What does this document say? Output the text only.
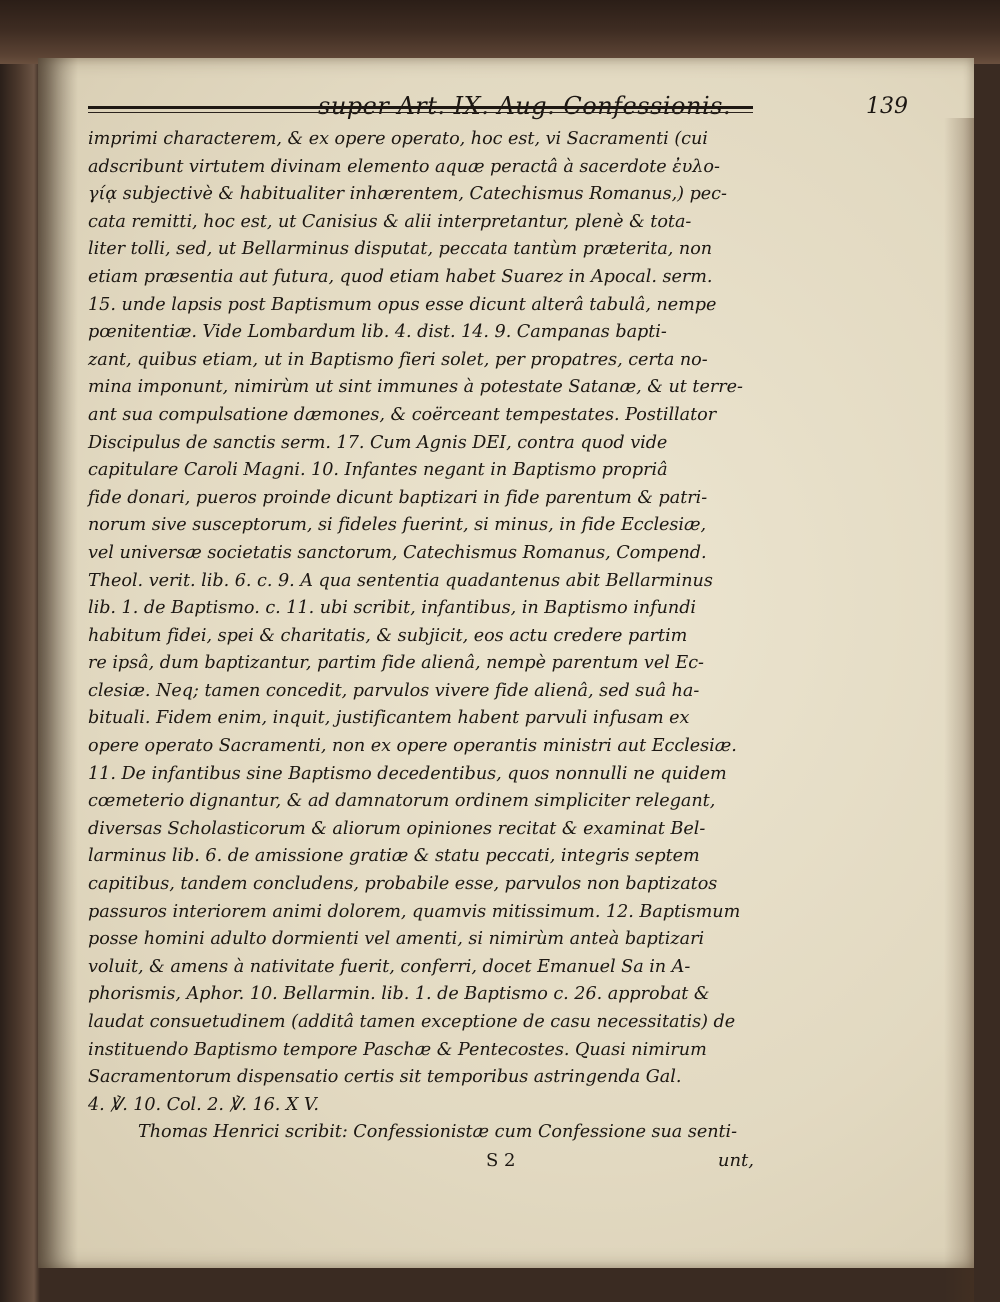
super Art. IX. Aug. Confessionis.	139
imprimi characterem, & ex opere operato, hoc est, vi Sacramenti (cui
adscribunt virtutem divinam elemento aquæ peractâ à sacerdote ἐυλο-
γίᾳ subjectivè & habitualiter inhærentem, Catechismus Romanus,) pec-
cata remitti, hoc est, ut Canisius & alii interpretantur, plenè & tota-
liter tolli, sed, ut Bellarminus disputat, peccata tantùm præterita, non
etiam præsentia aut futura, quod etiam habet Suarez in Apocal. serm.
15. unde lapsis post Baptismum opus esse dicunt alterâ tabulâ, nempe
pœnitentiæ. Vide Lombardum lib. 4. dist. 14. 9. Campanas bapti-
zant, quibus etiam, ut in Baptismo fieri solet, per propatres, certa no-
mina imponunt, nimirùm ut sint immunes à potestate Satanæ, & ut terre-
ant sua compulsatione dæmones, & coërceant tempestates. Postillator
Discipulus de sanctis serm. 17. Cum Agnis DEI, contra quod vide
capitulare Caroli Magni. 10. Infantes negant in Baptismo propriâ
fide donari, pueros proinde dicunt baptizari in fide parentum & patri-
norum sive susceptorum, si fideles fuerint, si minus, in fide Ecclesiæ,
vel universæ societatis sanctorum, Catechismus Romanus, Compend.
Theol. verit. lib. 6. c. 9. A qua sententia quadantenus abit Bellarminus
lib. 1. de Baptismo. c. 11. ubi scribit, infantibus, in Baptismo infundi
habitum fidei, spei & charitatis, & subjicit, eos actu credere partim
re ipsâ, dum baptizantur, partim fide alienâ, nempè parentum vel Ec-
clesiæ. Neq; tamen concedit, parvulos vivere fide alienâ, sed suâ ha-
bituali. Fidem enim, inquit, justificantem habent parvuli infusam ex
opere operato Sacramenti, non ex opere operantis ministri aut Ecclesiæ.
11. De infantibus sine Baptismo decedentibus, quos nonnulli ne quidem
cœmeterio dignantur, & ad damnatorum ordinem simpliciter relegant,
diversas Scholasticorum & aliorum opiniones recitat & examinat Bel-
larminus lib. 6. de amissione gratiæ & statu peccati, integris septem
capitibus, tandem concludens, probabile esse, parvulos non baptizatos
passuros interiorem animi dolorem, quamvis mitissimum. 12. Baptismum
posse homini adulto dormienti vel amenti, si nimirùm anteà baptizari
voluit, & amens à nativitate fuerit, conferri, docet Emanuel Sa in A-
phorismis, Aphor. 10. Bellarmin. lib. 1. de Baptismo c. 26. approbat &
laudat consuetudinem (additâ tamen exceptione de casu necessitatis) de
instituendo Baptismo tempore Paschæ & Pentecostes. Quasi nimirum
Sacramentorum dispensatio certis sit temporibus astringenda Gal.
4. ℣. 10. Col. 2. ℣. 16. X V.
Thomas Henrici scribit: Confessionistæ cum Confessione sua senti-
S 2	unt,
